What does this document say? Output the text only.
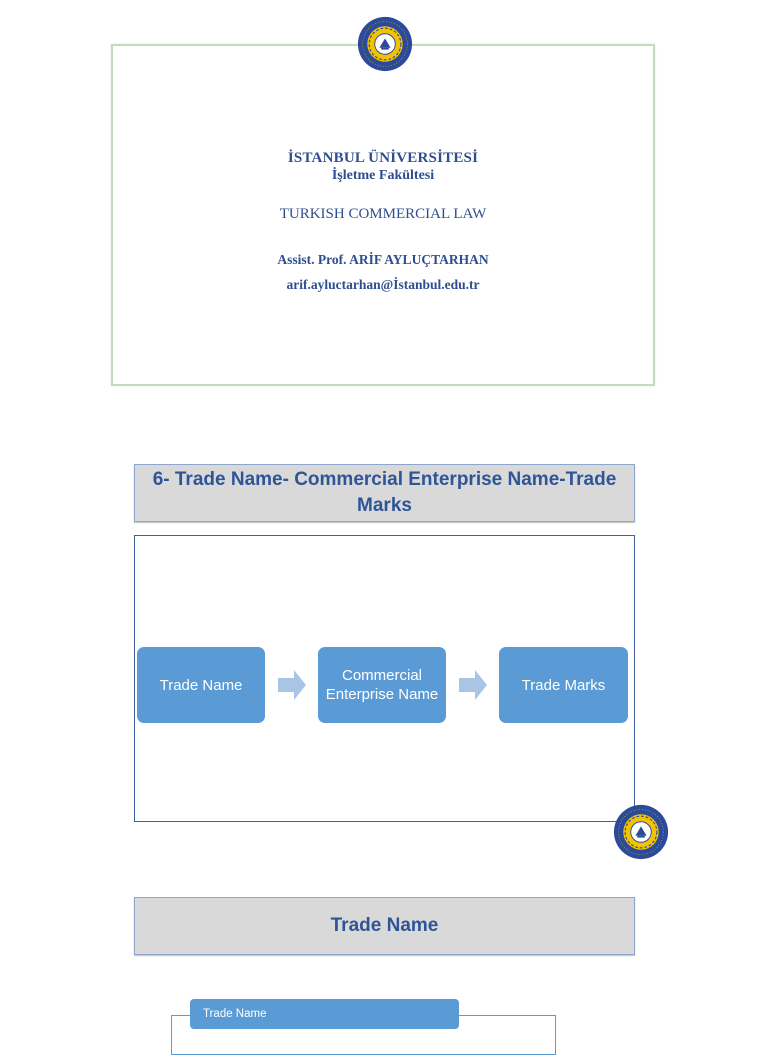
İSTANBUL ÜNİVERSİTESİ
İşletme Fakültesi
TURKISH COMMERCIAL LAW
Assist. Prof. ARİF AYLUÇTARHAN
arif.ayluctarhan@İstanbul.edu.tr
6- Trade Name- Commercial Enterprise Name-Trade Marks
Trade Name
Commercial Enterprise Name
Trade Marks
Trade Name
Trade Name
